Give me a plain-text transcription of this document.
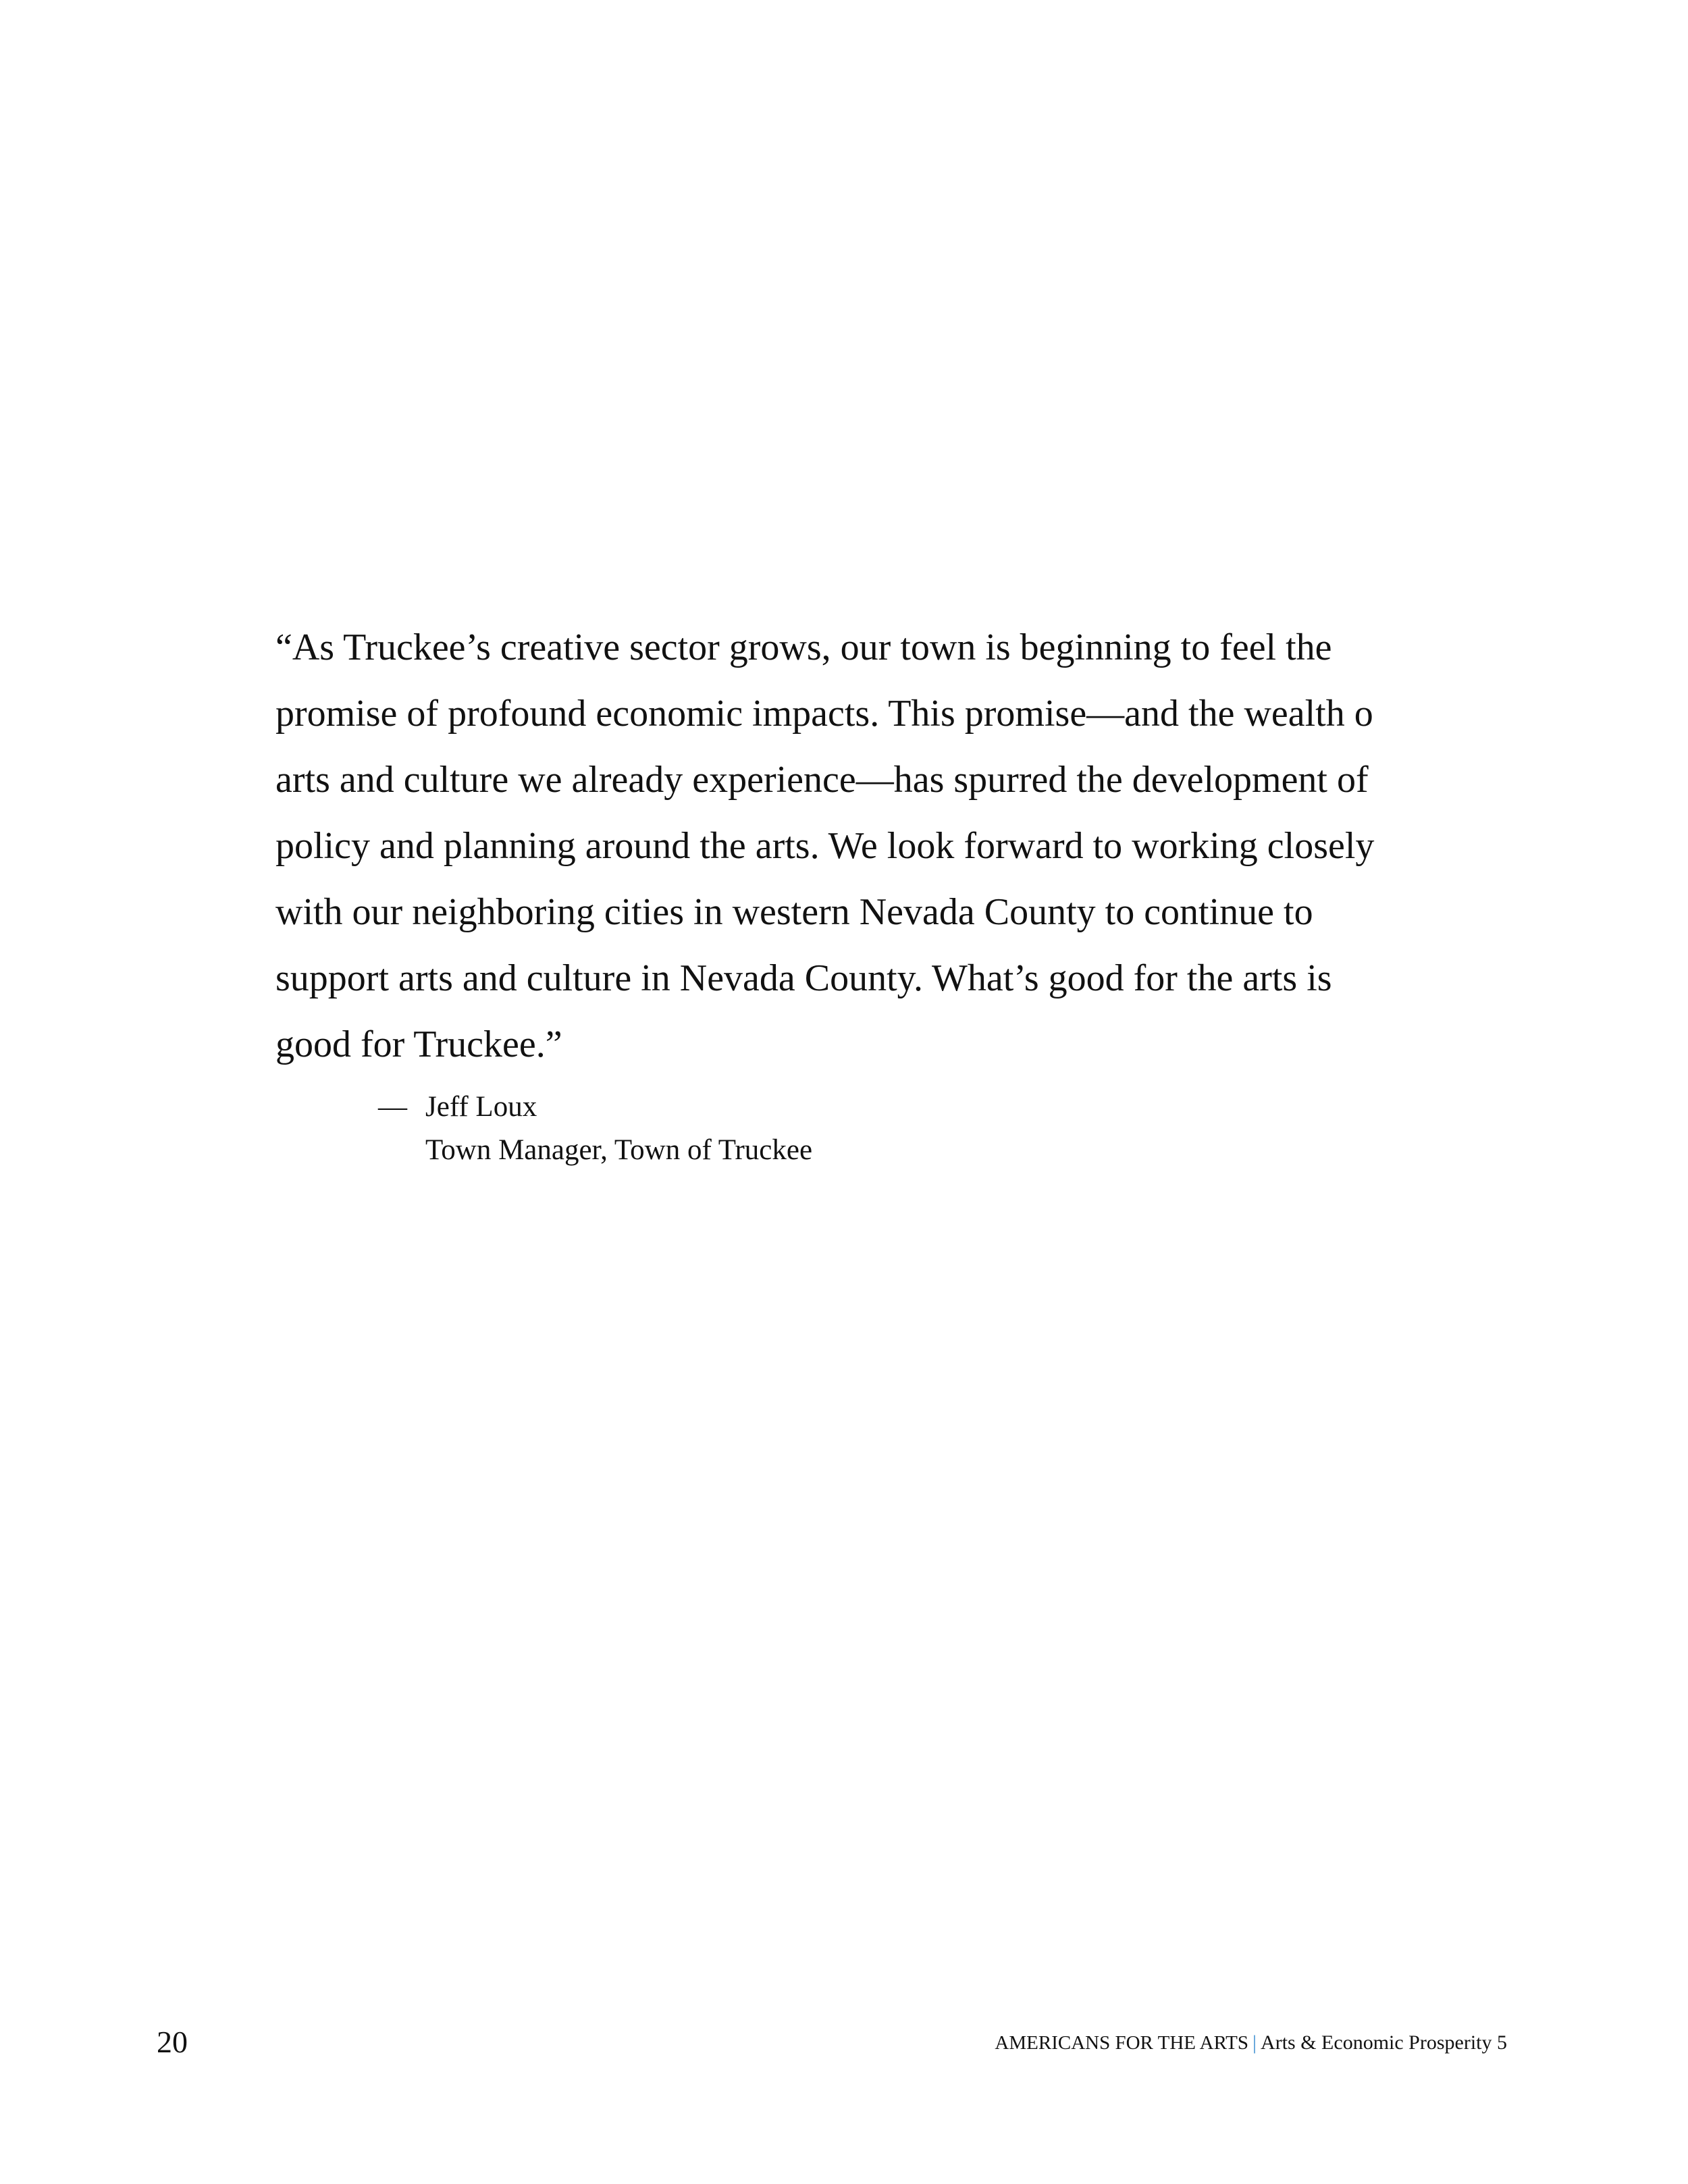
“As Truckee’s creative sector grows, our town is beginning to feel the

promise of profound economic impacts. This promise—and the wealth o

arts and culture we already experience—has spurred the development of

policy and planning around the arts. We look forward to working closely

with our neighboring cities in western Nevada County to continue to

support arts and culture in Nevada County. What’s good for the arts is

good for Truckee.”

— Jeff Loux
Town Manager, Town of Truckee
20	AMERICANS FOR THE ARTS | Arts & Economic Prosperity 5
